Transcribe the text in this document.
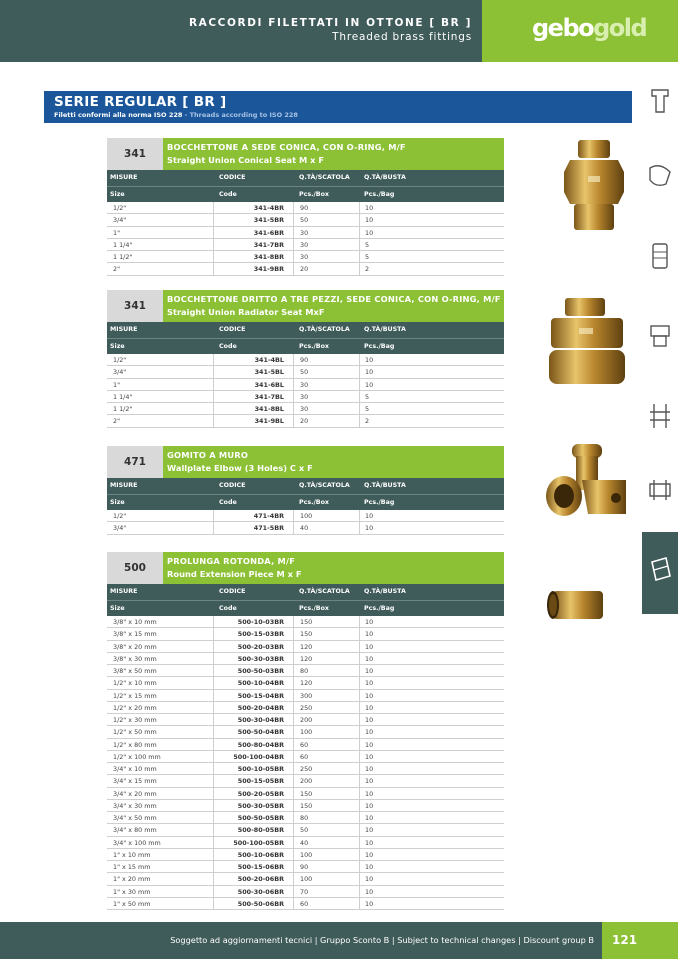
RACCORDI FILETTATI IN OTTONE [ BR ]
Threaded brass fittings	gebogold
SERIE REGULAR [ BR ]
Filetti conformi alla norma ISO 228 - Threads according to ISO 228
341
BOCCHETTONE A SEDE CONICA, CON O-RING, M/F
Straight Union Conical Seat M x F
MISURE	CODICE	Q.TÀ/SCATOLA Q.TÀ/BUSTA
Size	Code	Pcs./Box	Pcs./Bag
1/2"	341-4BR	90	10
3/4"	341-5BR	50	10
1"	341-6BR	30	10
1 1/4"	341-7BR	30	5
1 1/2"	341-8BR	30	5
2"	341-9BR	20	2
341
BOCCHETTONE DRITTO A TRE PEZZI, SEDE CONICA, CON O-RING, M/F
Straight Union Radiator Seat MxF
MISURE	CODICE	Q.TÀ/SCATOLA Q.TÀ/BUSTA
Size	Code	Pcs./Box	Pcs./Bag
1/2"	341-4BL	90	10
3/4"	341-5BL	50	10
1"	341-6BL	30	10
1 1/4"	341-7BL	30	5
1 1/2"	341-8BL	30	5
2"	341-9BL	20	2
471
GOMITO A MURO
Wallplate Elbow (3 Holes) C x F
MISURE	CODICE	Q.TÀ/SCATOLA Q.TÀ/BUSTA
Size	Code	Pcs./Box	Pcs./Bag
1/2"	471-4BR	100	10
3/4"	471-5BR	40	10
500
PROLUNGA ROTONDA, M/F
Round Extension Piece M x F
MISURE	CODICE	Q.TÀ/SCATOLA Q.TÀ/BUSTA
Size	Code	Pcs./Box	Pcs./Bag
3/8" x 10 mm	500-10-03BR	150	10
3/8" x 15 mm	500-15-03BR	150	10
3/8" x 20 mm	500-20-03BR	120	10
3/8" x 30 mm	500-30-03BR	120	10
3/8" x 50 mm	500-50-03BR	80	10
1/2" x 10 mm	500-10-04BR	120	10
1/2" x 15 mm	500-15-04BR	300	10
1/2" x 20 mm	500-20-04BR	250	10
1/2" x 30 mm	500-30-04BR	200	10
1/2" x 50 mm	500-50-04BR	100	10
1/2" x 80 mm	500-80-04BR	60	10
1/2" x 100 mm	500-100-04BR	60	10
3/4" x 10 mm	500-10-05BR	250	10
3/4" x 15 mm	500-15-05BR	200	10
3/4" x 20 mm	500-20-05BR	150	10
3/4" x 30 mm	500-30-05BR	150	10
3/4" x 50 mm	500-50-05BR	80	10
3/4" x 80 mm	500-80-05BR	50	10
3/4" x 100 mm	500-100-05BR	40	10
1" x 10 mm	500-10-06BR	100	10
1" x 15 mm	500-15-06BR	90	10
1" x 20 mm	500-20-06BR	100	10
1" x 30 mm	500-30-06BR	70	10
1" x 50 mm	500-50-06BR	60	10
Soggetto ad aggiornamenti tecnici | Gruppo Sconto B | Subject to technical changes | Discount group B	121
